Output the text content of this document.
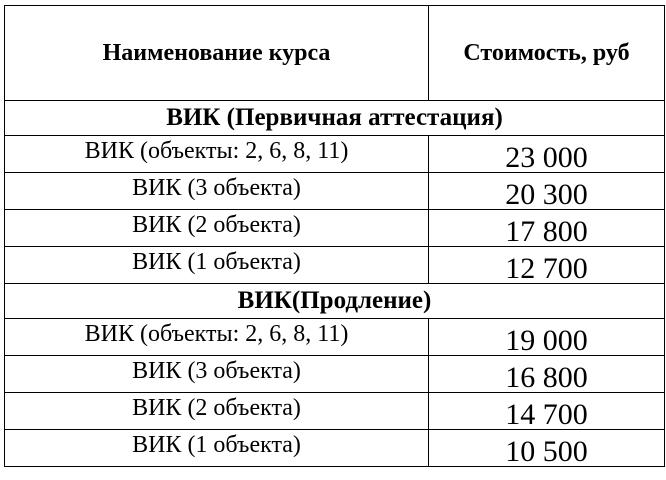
Наименование курса	Стоимость, руб
ВИК (Первичная аттестация)	
ВИК (объекты: 2, 6, 8, 11)	23 000
ВИК (3 объекта)	20 300
ВИК (2 объекта)	17 800
ВИК (1 объекта)	12 700
ВИК(Продление)	
ВИК (объекты: 2, 6, 8, 11)	19 000
ВИК (3 объекта)	16 800
ВИК (2 объекта)	14 700
ВИК (1 объекта)	10 500
